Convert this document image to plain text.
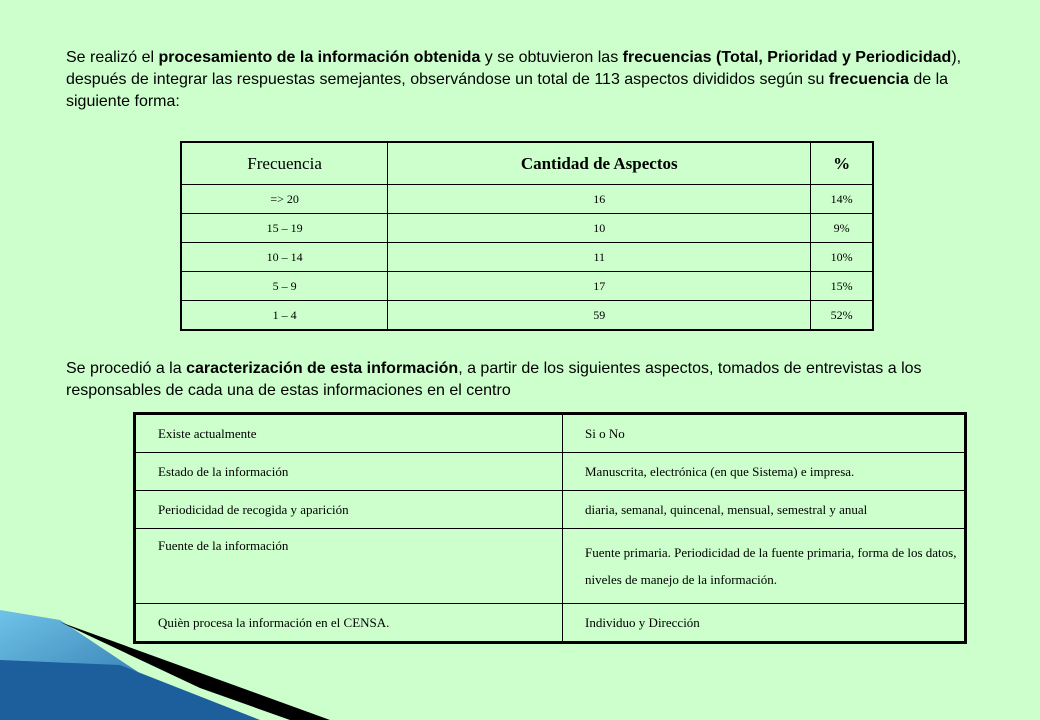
Se realizó el procesamiento de la información obtenida y se obtuvieron las frecuencias (Total, Prioridad y Periodicidad), después de integrar las respuestas semejantes, observándose un total de 113 aspectos divididos según su frecuencia de la siguiente forma:
Frecuencia	Cantidad de Aspectos	%
=> 20	16	14%
15 – 19	10	9%
10 – 14	11	10%
5 – 9	17	15%
1 – 4	59	52%
Se procedió a la caracterización de esta información, a partir de los siguientes aspectos, tomados de entrevistas a los responsables de cada una de estas informaciones en el centro
Existe actualmente	Si o No
Estado de la información	Manuscrita, electrónica (en que Sistema) e impresa.
Periodicidad de recogida y aparición	diaria, semanal, quincenal, mensual, semestral y anual
Fuente de la información	Fuente primaria. Periodicidad de la fuente primaria, forma de los datos, niveles de manejo de la información.
Quièn procesa la información en el CENSA.	Individuo y Dirección
